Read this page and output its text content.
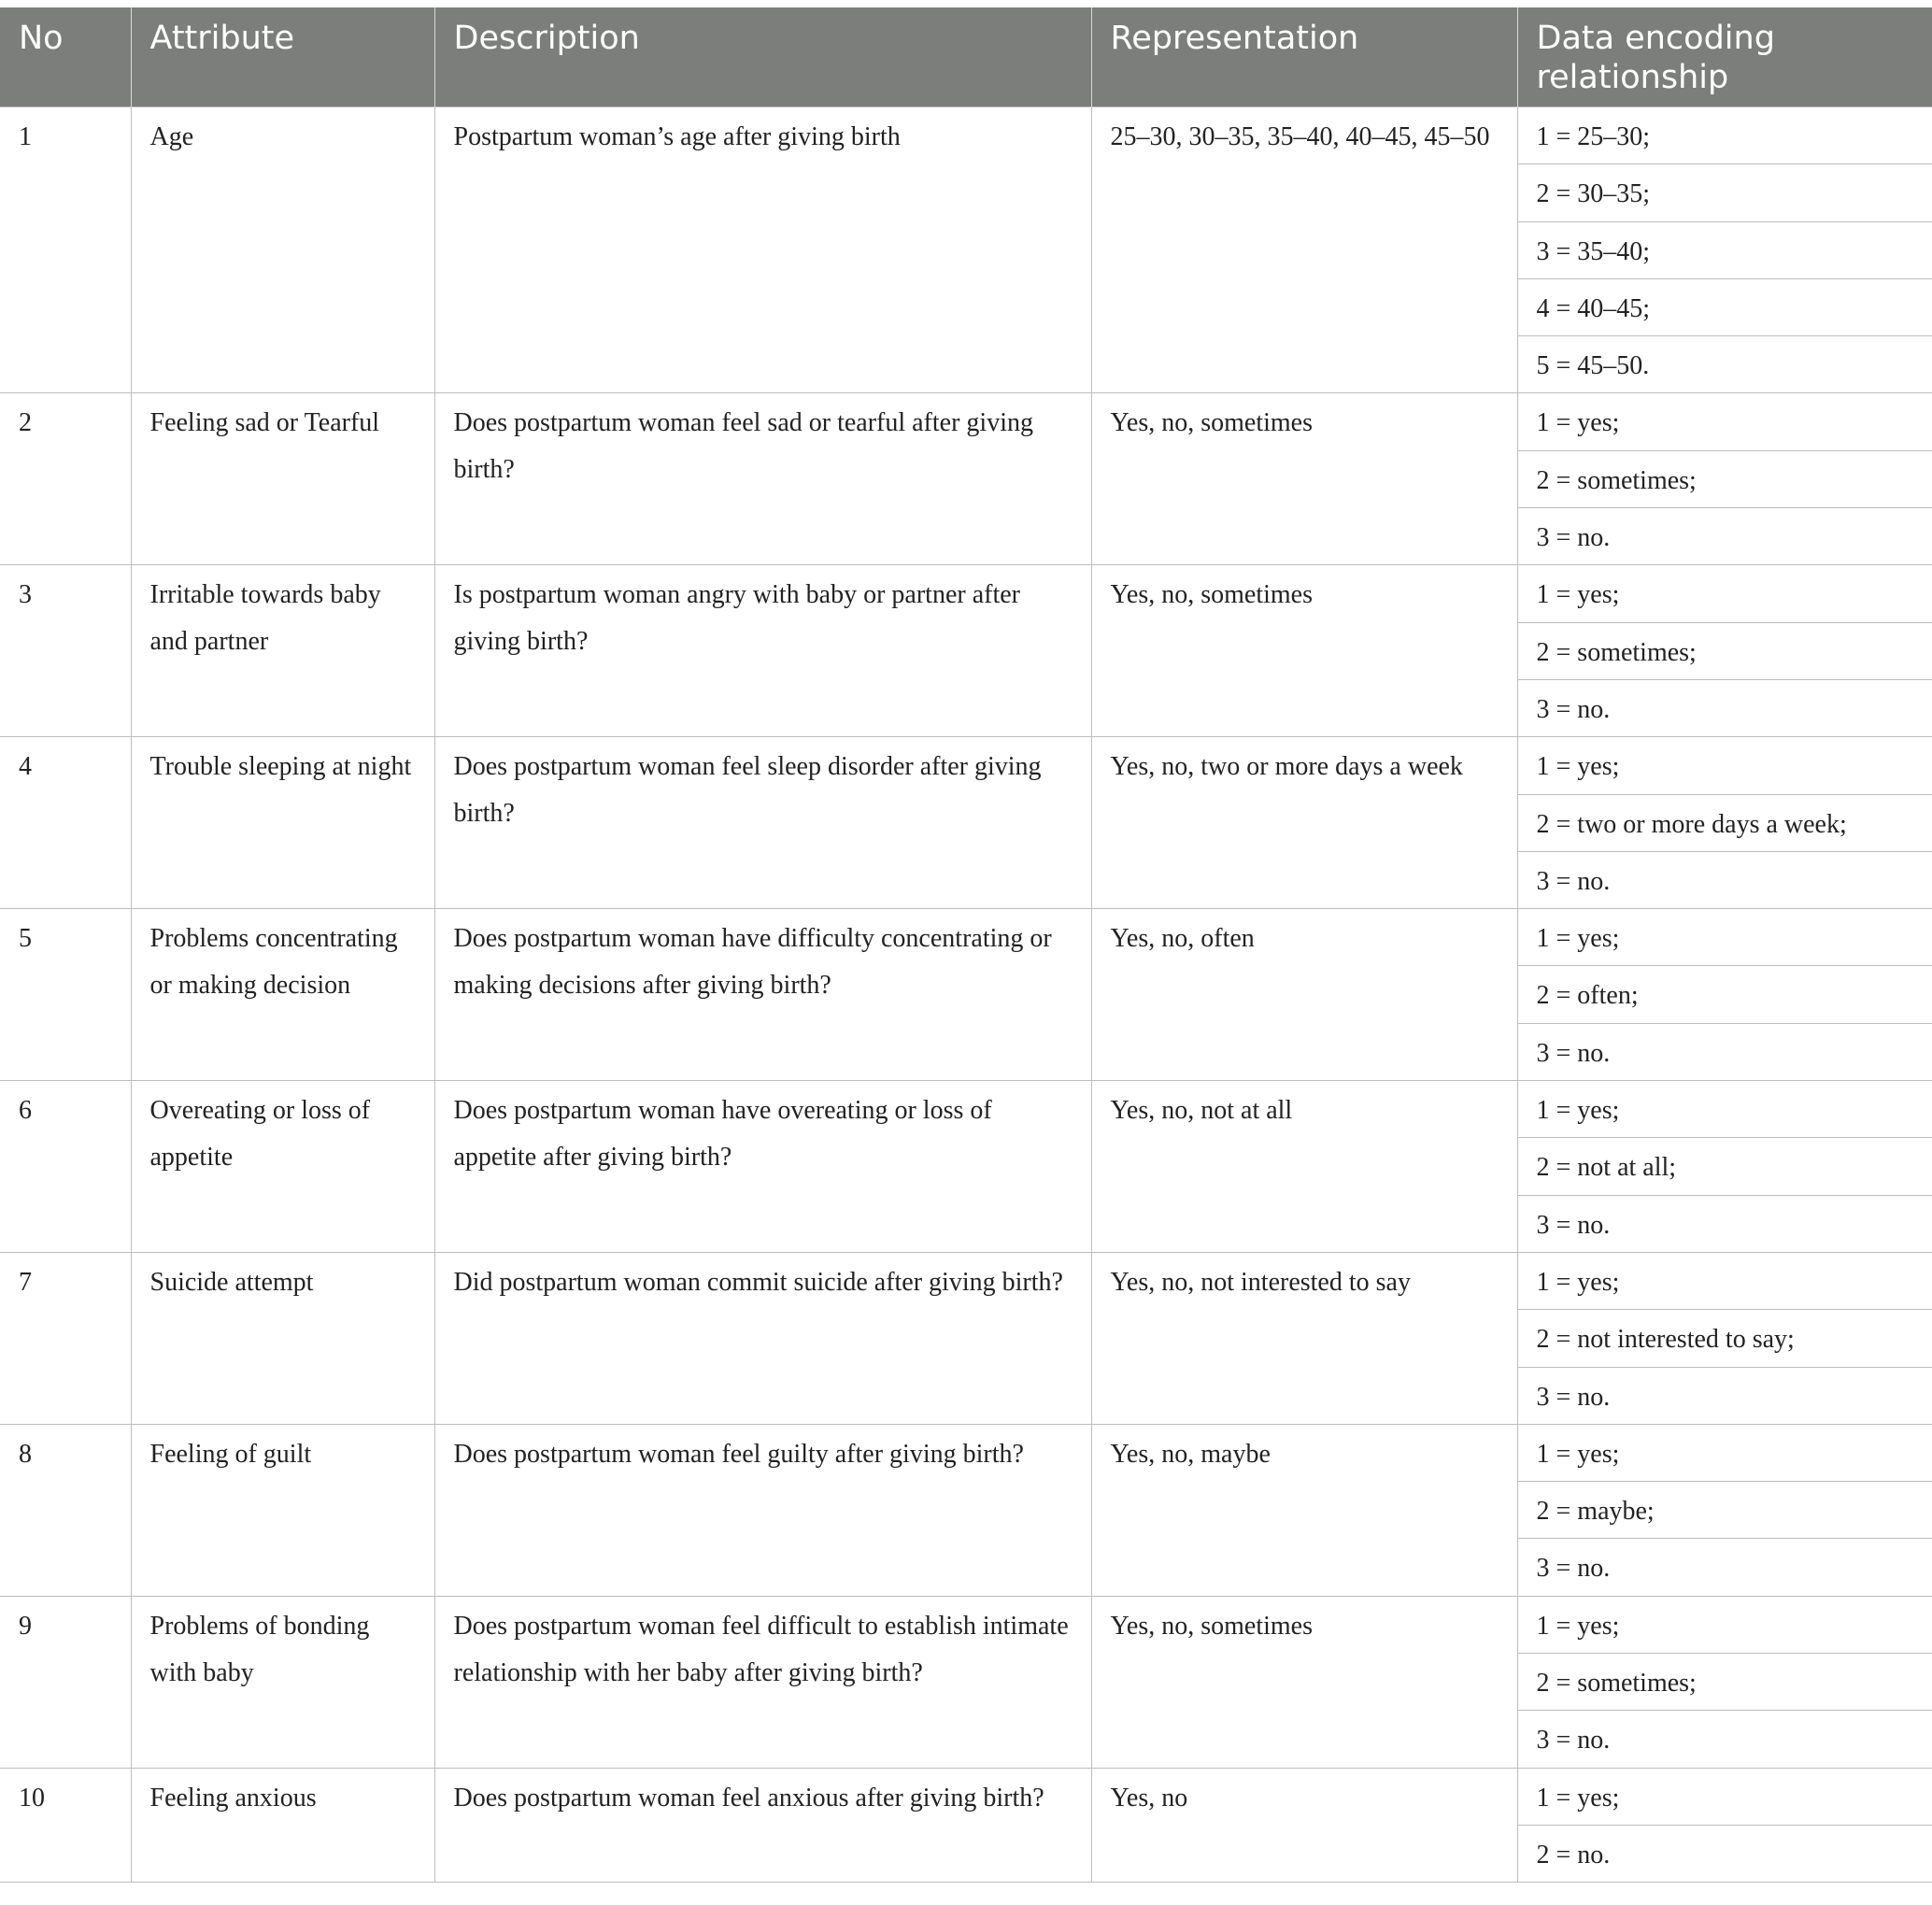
No	Attribute	Description	Representation	Data encoding relationship
1	Age	Postpartum woman’s age after giving birth	25–30, 30–35, 35–40, 40–45, 45–50	1 = 25–30;
				2 = 30–35;
				3 = 35–40;
				4 = 40–45;
				5 = 45–50.
2	Feeling sad or Tearful	Does postpartum woman feel sad or tearful after giving birth?	Yes, no, sometimes	1 = yes;
				2 = sometimes;
				3 = no.
3	Irritable towards baby and partner	Is postpartum woman angry with baby or partner after giving birth?	Yes, no, sometimes	1 = yes;
				2 = sometimes;
				3 = no.
4	Trouble sleeping at night	Does postpartum woman feel sleep disorder after giving birth?	Yes, no, two or more days a week	1 = yes;
				2 = two or more days a week;
				3 = no.
5	Problems concentrating or making decision	Does postpartum woman have difficulty concentrating or making decisions after giving birth?	Yes, no, often	1 = yes;
				2 = often;
				3 = no.
6	Overeating or loss of appetite	Does postpartum woman have overeating or loss of appetite after giving birth?	Yes, no, not at all	1 = yes;
				2 = not at all;
				3 = no.
7	Suicide attempt	Did postpartum woman commit suicide after giving birth?	Yes, no, not interested to say	1 = yes;
				2 = not interested to say;
				3 = no.
8	Feeling of guilt	Does postpartum woman feel guilty after giving birth?	Yes, no, maybe	1 = yes;
				2 = maybe;
				3 = no.
9	Problems of bonding with baby	Does postpartum woman feel difficult to establish intimate relationship with her baby after giving birth?	Yes, no, sometimes	1 = yes;
				2 = sometimes;
				3 = no.
10	Feeling anxious	Does postpartum woman feel anxious after giving birth?	Yes, no	1 = yes;
				2 = no.
